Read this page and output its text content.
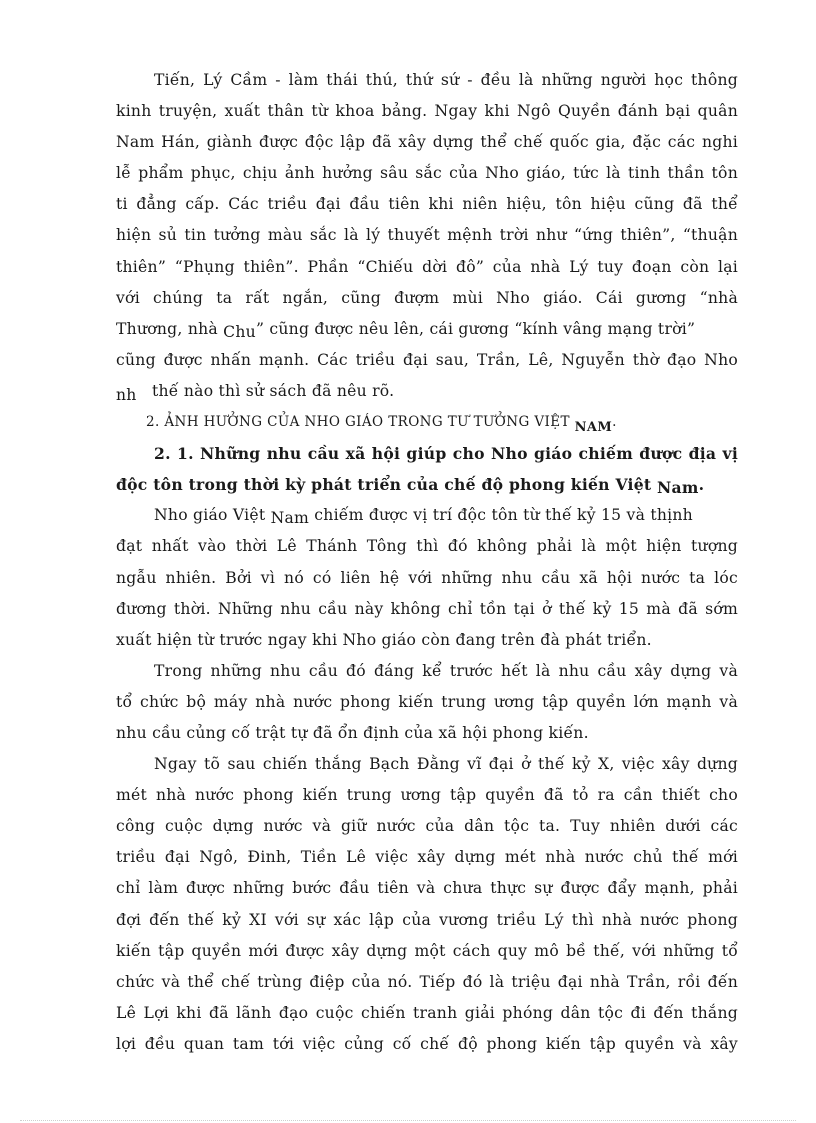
Tiến, Lý Cầm - làm thái thú, thứ sứ - đều là những người học thông
kinh truyện, xuất thân từ khoa bảng. Ngay khi Ngô Quyền đánh bại quân
Nam Hán, giành được độc lập đã xây dựng thể chế quốc gia, đặc các nghi
lễ phẩm phục, chịu ảnh hưởng sâu sắc của Nho giáo, tức là tinh thần tôn
ti đẳng cấp. Các triều đại đầu tiên khi niên hiệu, tôn hiệu cũng đã thể
hiện sủ tin tưởng màu sắc là lý thuyết mệnh trời như “ứng thiên”, “thuận
thiên” “Phụng thiên”. Phần “Chiếu dời đô” của nhà Lý tuy đoạn còn lại
với chúng ta rất ngắn, cũng đượm mùi Nho giáo. Cái gương “nhà
Thương, nhà Chu” cũng được nêu lên, cái gương “kính vâng mạng trời”
cũng được nhấn mạnh. Các triều đại sau, Trần, Lê, Nguyễn thờ đạo Nho
nh thế nào thì sử sách đã nêu rõ.
2. ẢNH HƯỞNG CỦA NHO GIÁO TRONG TƯ TƯỞNG VIỆT NAM.
2. 1. Những nhu cầu xã hội giúp cho Nho giáo chiếm được địa vị
độc tôn trong thời kỳ phát triển của chế độ phong kiến Việt Nam.
Nho giáo Việt Nam chiếm được vị trí độc tôn từ thế kỷ 15 và thịnh
đạt nhất vào thời Lê Thánh Tông thì đó không phải là một hiện tượng
ngẫu nhiên. Bởi vì nó có liên hệ với những nhu cầu xã hội nước ta lóc
đương thời. Những nhu cầu này không chỉ tồn tại ở thế kỷ 15 mà đã sớm
xuất hiện từ trước ngay khi Nho giáo còn đang trên đà phát triển.
Trong những nhu cầu đó đáng kể trước hết là nhu cầu xây dựng và
tổ chức bộ máy nhà nước phong kiến trung ương tập quyền lớn mạnh và
nhu cầu củng cố trật tự đã ổn định của xã hội phong kiến.
Ngay tõ sau chiến thắng Bạch Đằng vĩ đại ở thế kỷ X, việc xây dựng
mét nhà nước phong kiến trung ương tập quyền đã tỏ ra cần thiết cho
công cuộc dựng nước và giữ nước của dân tộc ta. Tuy nhiên dưới các
triều đại Ngô, Đinh, Tiền Lê việc xây dựng mét nhà nước chủ thế mới
chỉ làm được những bước đầu tiên và chưa thực sự được đẩy mạnh, phải
đợi đến thế kỷ XI với sự xác lập của vương triều Lý thì nhà nước phong
kiến tập quyền mới được xây dựng một cách quy mô bề thế, với những tổ
chức và thể chế trùng điệp của nó. Tiếp đó là triệu đại nhà Trần, rồi đến
Lê Lợi khi đã lãnh đạo cuộc chiến tranh giải phóng dân tộc đi đến thắng
lợi đều quan tam tới việc củng cố chế độ phong kiến tập quyền và xây
